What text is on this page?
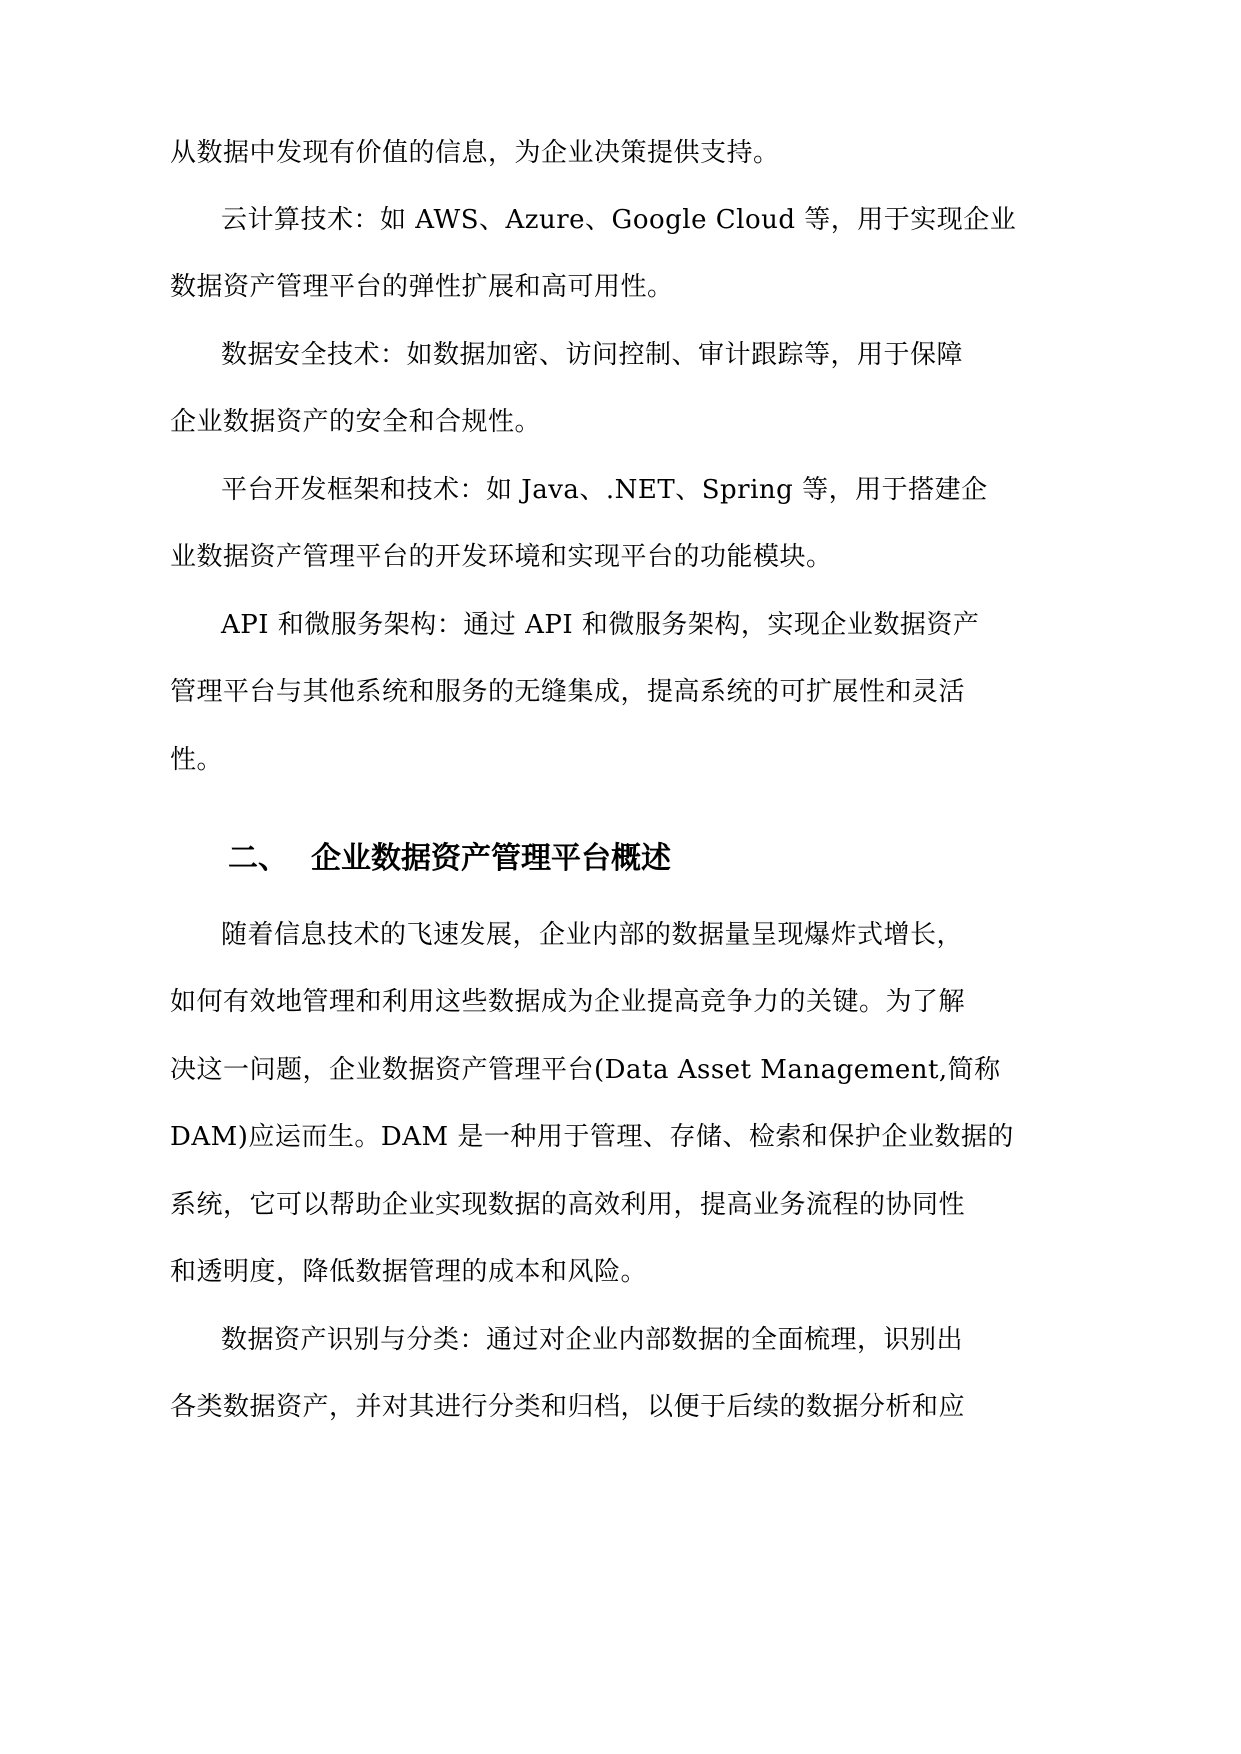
从数据中发现有价值的信息，为企业决策提供支持。
云计算技术：如 AWS、Azure、Google Cloud 等，用于实现企业
数据资产管理平台的弹性扩展和高可用性。
数据安全技术：如数据加密、访问控制、审计跟踪等，用于保障
企业数据资产的安全和合规性。
平台开发框架和技术：如 Java、.NET、Spring 等，用于搭建企
业数据资产管理平台的开发环境和实现平台的功能模块。
API 和微服务架构：通过 API 和微服务架构，实现企业数据资产
管理平台与其他系统和服务的无缝集成，提高系统的可扩展性和灵活
性。
二、 企业数据资产管理平台概述
随着信息技术的飞速发展，企业内部的数据量呈现爆炸式增长，
如何有效地管理和利用这些数据成为企业提高竞争力的关键。为了解
决这一问题，企业数据资产管理平台(Data Asset Management,简称
DAM)应运而生。DAM 是一种用于管理、存储、检索和保护企业数据的
系统，它可以帮助企业实现数据的高效利用，提高业务流程的协同性
和透明度，降低数据管理的成本和风险。
数据资产识别与分类：通过对企业内部数据的全面梳理，识别出
各类数据资产，并对其进行分类和归档，以便于后续的数据分析和应
